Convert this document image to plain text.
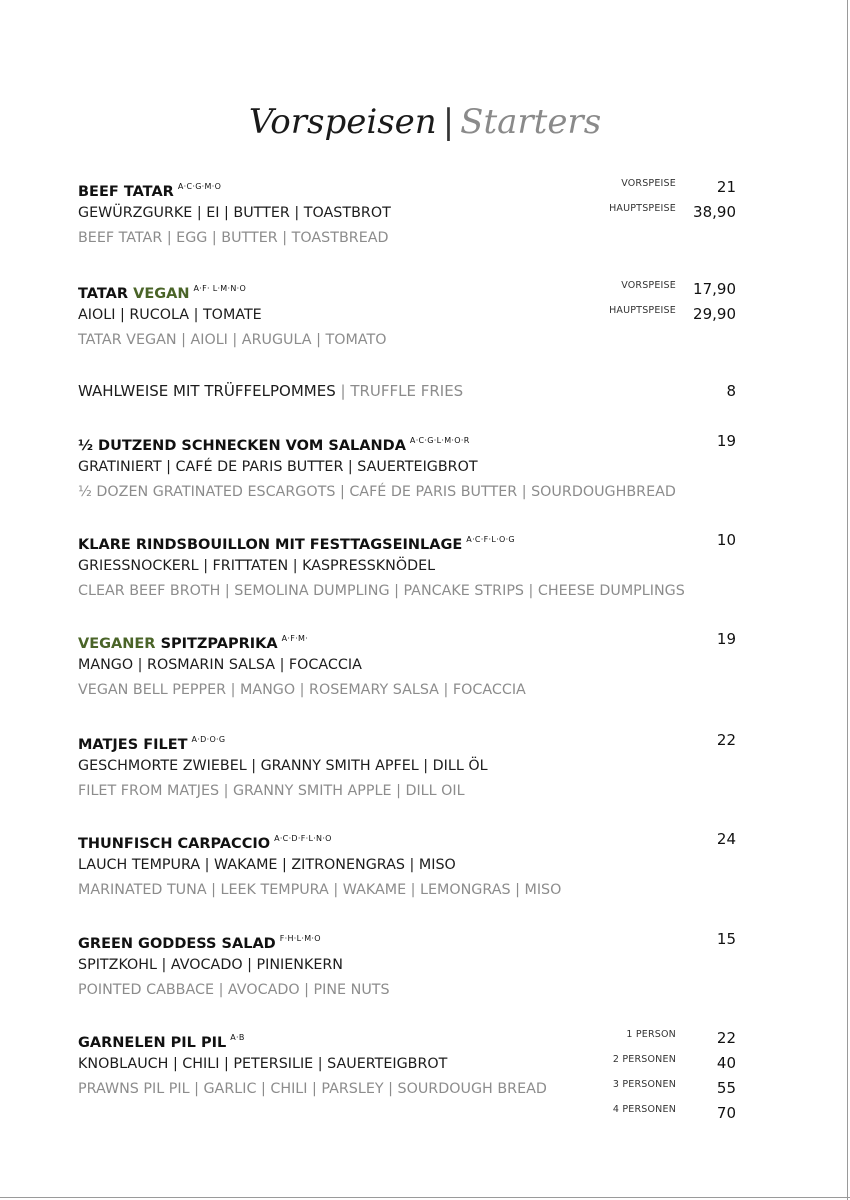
Vorspeisen | Starters
BEEF TATAR $^{A\cdot C\cdot G\cdot M\cdot O}$	VORSPEISE	21
GEWÜRZGURKE | EI | BUTTER | TOASTBROT	HAUPTSPEISE 38,90
BEEF TATAR | EGG | BUTTER | TOASTBREAD
TATAR VEGAN $^{A\cdot F\cdot L\cdot M\cdot N\cdot O}$	VORSPEISE 17,90
AIOLI | RUCOLA | TOMATE	HAUPTSPEISE 29,90
TATAR VEGAN | AIOLI | ARUGULA | TOMATO
WAHLWEISE MIT TRÜFFELPOMMES | TRUFFLE FRIES	8
½ DUTZEND SCHNECKEN VOM SALANDA $^{A\cdot C\cdot G\cdot L\cdot M\cdot O\cdot R}$	19
GRATINIERT | CAFÉ DE PARIS BUTTER | SAUERTEIGBROT
½ DOZEN GRATINATED ESCARGOTS | CAFÉ DE PARIS BUTTER | SOURDOUGHBREAD
KLARE RINDSBOUILLON MIT FESTTAGSEINLAGE $^{A\cdot C\cdot F\cdot L\cdot O\cdot G}$	10
GRIESSNOCKERL | FRITTATEN | KASPRESSKNÖDEL
CLEAR BEEF BROTH | SEMOLINA DUMPLING | PANCAKE STRIPS | CHEESE DUMPLINGS
VEGANER SPITZPAPRIKA $^{A\cdot F\cdot M\cdot}$	19
MANGO | ROSMARIN SALSA | FOCACCIA
VEGAN BELL PEPPER | MANGO | ROSEMARY SALSA | FOCACCIA
MATJES FILET $^{A\cdot D\cdot O\cdot G}$	22
GESCHMORTE ZWIEBEL | GRANNY SMITH APFEL | DILL ÖL
FILET FROM MATJES | GRANNY SMITH APPLE | DILL OIL
THUNFISCH CARPACCIO $^{A\cdot C\cdot D\cdot F\cdot L\cdot N\cdot O}$	24
LAUCH TEMPURA | WAKAME | ZITRONENGRAS | MISO
MARINATED TUNA | LEEK TEMPURA | WAKAME | LEMONGRAS | MISO
GREEN GODDESS SALAD $^{F\cdot H\cdot L\cdot M\cdot O}$	15
SPITZKOHL | AVOCADO | PINIENKERN
POINTED CABBACE | AVOCADO | PINE NUTS
GARNELEN PIL PIL $^{A\cdot B}$	1 PERSON	22
KNOBLAUCH | CHILI | PETERSILIE | SAUERTEIGBROT	2 PERSONEN	40
PRAWNS PIL PIL | GARLIC | CHILI | PARSLEY | SOURDOUGH BREAD	3 PERSONEN	55
4 PERSONEN	70
